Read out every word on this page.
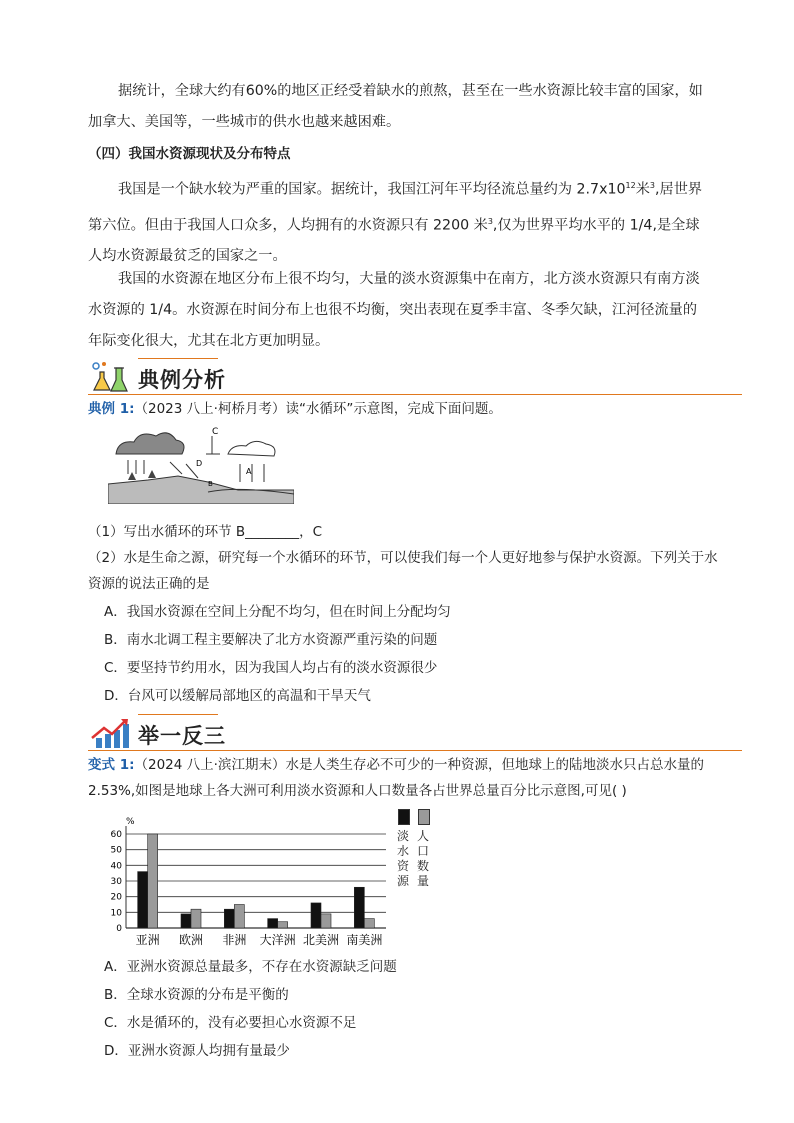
据统计，全球大约有60%的地区正经受着缺水的煎熬，甚至在一些水资源比较丰富的国家，如加拿大、美国等，一些城市的供水也越来越困难。

（四）我国水资源现状及分布特点

我国是一个缺水较为严重的国家。据统计，我国江河年平均径流总量约为 $2.7x10^{12}$米$^3$,居世界第六位。但由于我国人口众多，人均拥有的水资源只有 2200 米$^3$,仅为世界平均水平的 1/4,是全球人均水资源最贫乏的国家之一。

我国的水资源在地区分布上很不均匀，大量的淡水资源集中在南方，北方淡水资源只有南方淡水资源的 1/4。水资源在时间分布上也很不均衡，突出表现在夏季丰富、冬季欠缺，江河径流量的年际变化很大，尤其在北方更加明显。

典例分析

典例 1:（2023 八上·柯桥月考）读“水循环”示意图，完成下面问题。

C
D
B
A

（1）写出水循环的环节 B________，C

（2）水是生命之源，研究每一个水循环的环节，可以使我们每一个人更好地参与保护水资源。下列关于水资源的说法正确的是

A．我国水资源在空间上分配不均匀，但在时间上分配均匀

B．南水北调工程主要解决了北方水资源严重污染的问题

C．要坚持节约用水，因为我国人均占有的淡水资源很少

D．台风可以缓解局部地区的高温和干旱天气

举一反三

变式 1:（2024 八上·滨江期末）水是人类生存必不可少的一种资源，但地球上的陆地淡水只占总水量的 2.53%,如图是地球上各大洲可利用淡水资源和人口数量各占世界总量百分比示意图,可见( )

0
10
20
30
40
50
60
亚洲 欧洲 非洲 大洋洲 北美洲 南美洲
%
淡
水
资
源
人
口
数
量

A．亚洲水资源总量最多，不存在水资源缺乏问题

B．全球水资源的分布是平衡的

C．水是循环的，没有必要担心水资源不足

D．亚洲水资源人均拥有量最少
